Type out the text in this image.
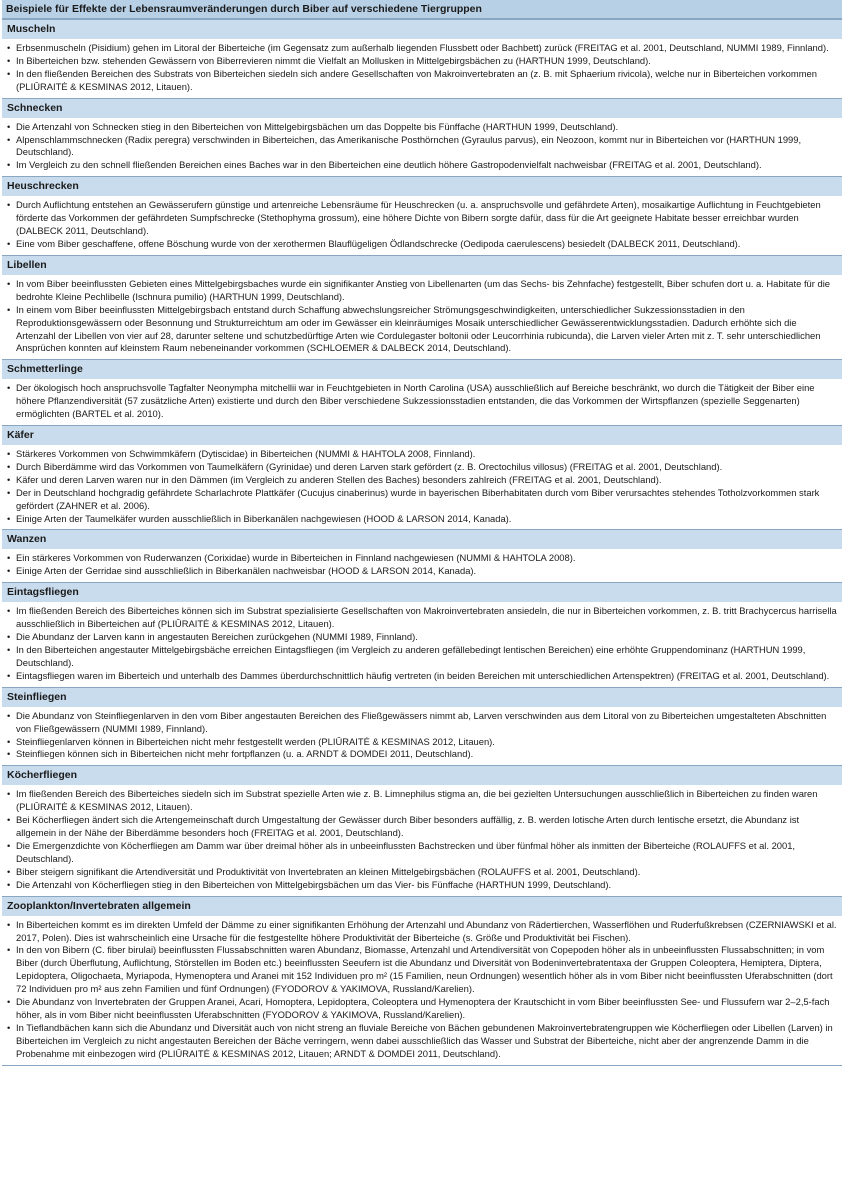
Beispiele für Effekte der Lebensraumveränderungen durch Biber auf verschiedene Tiergruppen
Muscheln
• Erbsenmuscheln (Pisidium) gehen im Litoral der Biberteiche (im Gegensatz zum außerhalb liegenden Flussbett oder Bachbett) zurück (FREITAG et al. 2001, Deutschland, NUMMI 1989, Finnland).
• In Biberteichen bzw. stehenden Gewässern von Biberrevieren nimmt die Vielfalt an Mollusken in Mittelgebirgsbächen zu (HARTHUN 1999, Deutschland).
• In den fließenden Bereichen des Substrats von Biberteichen siedeln sich andere Gesellschaften von Makroinvertebraten an (z. B. mit Sphaerium rivicola), welche nur in Biberteichen vorkommen (PLIŪRAITĖ & KESMINAS 2012, Litauen).
Schnecken
• Die Artenzahl von Schnecken stieg in den Biberteichen von Mittelgebirgsbächen um das Doppelte bis Fünffache (HARTHUN 1999, Deutschland).
• Alpenschlammschnecken (Radix peregra) verschwinden in Biberteichen, das Amerikanische Posthörnchen (Gyraulus parvus), ein Neozoon, kommt nur in Biberteichen vor (HARTHUN 1999, Deutschland).
• Im Vergleich zu den schnell fließenden Bereichen eines Baches war in den Biberteichen eine deutlich höhere Gastropodenvielfalt nachweisbar (FREITAG et al. 2001, Deutschland).
Heuschrecken
• Durch Auflichtung entstehen an Gewässerufern günstige und artenreiche Lebensräume für Heuschrecken (u. a. anspruchsvolle und gefährdete Arten), mosaikartige Auflichtung in Feuchtgebieten förderte das Vorkommen der gefährdeten Sumpfschrecke (Stethophyma grossum), eine höhere Dichte von Bibern sorgte dafür, dass für die Art geeignete Habitate besser erreichbar wurden (DALBECK 2011, Deutschland).
• Eine vom Biber geschaffene, offene Böschung wurde von der xerothermen Blauflügeligen Ödlandschrecke (Oedipoda caerulescens) besiedelt (DALBECK 2011, Deutschland).
Libellen
• In vom Biber beeinflussten Gebieten eines Mittelgebirgsbaches wurde ein signifikanter Anstieg von Libellenarten (um das Sechs- bis Zehnfache) festgestellt, Biber schufen dort u. a. Habitate für die bedrohte Kleine Pechlibelle (Ischnura pumilio) (HARTHUN 1999, Deutschland).
• In einem vom Biber beeinflussten Mittelgebirgsbach entstand durch Schaffung abwechslungsreicher Strömungsgeschwindigkeiten, unterschiedlicher Sukzessionsstadien in den Reproduktionsgewässern oder Besonnung und Strukturreichtum am oder im Gewässer ein kleinräumiges Mosaik unterschiedlicher Gewässerentwicklungsstadien. Dadurch erhöhte sich die Artenzahl der Libellen von vier auf 28, darunter seltene und schutzbedürftige Arten wie Cordulegaster boltonii oder Leucorrhinia rubicunda), die Larven vieler Arten mit z. T. sehr unterschiedlichen Ansprüchen konnten auf kleinstem Raum nebeneinander vorkommen (SCHLOEMER & DALBECK 2014, Deutschland).
Schmetterlinge
• Der ökologisch hoch anspruchsvolle Tagfalter Neonympha mitchellii war in Feuchtgebieten in North Carolina (USA) ausschließlich auf Bereiche beschränkt, wo durch die Tätigkeit der Biber eine höhere Pflanzendiversität (57 zusätzliche Arten) existierte und durch den Biber verschiedene Sukzessionsstadien entstanden, die das Vorkommen der Wirtspflanzen (spezielle Seggenarten) ermöglichten (BARTEL et al. 2010).
Käfer
• Stärkeres Vorkommen von Schwimmkäfern (Dytiscidae) in Biberteichen (NUMMI & HAHTOLA 2008, Finnland).
• Durch Biberdämme wird das Vorkommen von Taumelkäfern (Gyrinidae) und deren Larven stark gefördert (z. B. Orectochilus villosus) (FREITAG et al. 2001, Deutschland).
• Käfer und deren Larven waren nur in den Dämmen (im Vergleich zu anderen Stellen des Baches) besonders zahlreich (FREITAG et al. 2001, Deutschland).
• Der in Deutschland hochgradig gefährdete Scharlachrote Plattkäfer (Cucujus cinaberinus) wurde in bayerischen Biberhabitaten durch vom Biber verursachtes stehendes Totholzvorkommen stark gefördert (ZAHNER et al. 2006).
• Einige Arten der Taumelkäfer wurden ausschließlich in Biberkanälen nachgewiesen (HOOD & LARSON 2014, Kanada).
Wanzen
• Ein stärkeres Vorkommen von Ruderwanzen (Corixidae) wurde in Biberteichen in Finnland nachgewiesen (NUMMI & HAHTOLA 2008).
• Einige Arten der Gerridae sind ausschließlich in Biberkanälen nachweisbar (HOOD & LARSON 2014, Kanada).
Eintagsfliegen
• Im fließenden Bereich des Biberteiches können sich im Substrat spezialisierte Gesellschaften von Makroinvertebraten ansiedeln, die nur in Biberteichen vorkommen, z. B. tritt Brachycercus harrisella ausschließlich in Biberteichen auf (PLIŪRAITĖ & KESMINAS 2012, Litauen).
• Die Abundanz der Larven kann in angestauten Bereichen zurückgehen (NUMMI 1989, Finnland).
• In den Biberteichen angestauter Mittelgebirgsbäche erreichen Eintagsfliegen (im Vergleich zu anderen gefällebedingt lentischen Bereichen) eine erhöhte Gruppendominanz (HARTHUN 1999, Deutschland).
• Eintagsfliegen waren im Biberteich und unterhalb des Dammes überdurchschnittlich häufig vertreten (in beiden Bereichen mit unterschiedlichen Artenspektren) (FREITAG et al. 2001, Deutschland).
Steinfliegen
• Die Abundanz von Steinfliegenlarven in den vom Biber angestauten Bereichen des Fließgewässers nimmt ab, Larven verschwinden aus dem Litoral von zu Biberteichen umgestalteten Abschnitten von Fließgewässern (NUMMI 1989, Finnland).
• Steinfliegenlarven können in Biberteichen nicht mehr festgestellt werden (PLIŪRAITĖ & KESMINAS 2012, Litauen).
• Steinfliegen können sich in Biberteichen nicht mehr fortpflanzen (u. a. ARNDT & DOMDEI 2011, Deutschland).
Köcherfliegen
• Im fließenden Bereich des Biberteiches siedeln sich im Substrat spezielle Arten wie z. B. Limnephilus stigma an, die bei gezielten Untersuchungen ausschließlich in Biberteichen zu finden waren (PLIŪRAITĖ & KESMINAS 2012, Litauen).
• Bei Köcherfliegen ändert sich die Artengemeinschaft durch Umgestaltung der Gewässer durch Biber besonders auffällig, z. B. werden lotische Arten durch lentische ersetzt, die Abundanz ist allgemein in der Nähe der Biberdämme besonders hoch (FREITAG et al. 2001, Deutschland).
• Die Emergenzdichte von Köcherfliegen am Damm war über dreimal höher als in unbeeinflussten Bachstrecken und über fünfmal höher als inmitten der Biberteiche (ROLAUFFS et al. 2001, Deutschland).
• Biber steigern signifikant die Artendiversität und Produktivität von Invertebraten an kleinen Mittelgebirgsbächen (ROLAUFFS et al. 2001, Deutschland).
• Die Artenzahl von Köcherfliegen stieg in den Biberteichen von Mittelgebirgsbächen um das Vier- bis Fünffache (HARTHUN 1999, Deutschland).
Zooplankton/Invertebraten allgemein
• In Biberteichen kommt es im direkten Umfeld der Dämme zu einer signifikanten Erhöhung der Artenzahl und Abundanz von Rädertierchen, Wasserflöhen und Ruderfußkrebsen (CZERNIAWSKI et al. 2017, Polen). Dies ist wahrscheinlich eine Ursache für die festgestellte höhere Produktivität der Biberteiche (s. Größe und Produktivität bei Fischen).
• In den von Bibern (C. fiber birulai) beeinflussten Flussabschnitten waren Abundanz, Biomasse, Artenzahl und Artendiversität von Copepoden höher als in unbeeinflussten Flussabschnitten; in vom Biber (durch Überflutung, Auflichtung, Störstellen im Boden etc.) beeinflussten Seeufern ist die Abundanz und Diversität von Bodeninvertebratentaxa der Gruppen Coleoptera, Hemiptera, Diptera, Lepidoptera, Oligochaeta, Myriapoda, Hymenoptera und Aranei mit 152 Individuen pro m² (15 Familien, neun Ordnungen) wesentlich höher als in vom Biber nicht beeinflussten Uferabschnitten (dort 72 Individuen pro m² aus zehn Familien und fünf Ordnungen) (FYODOROV & YAKIMOVA, Russland/Karelien).
• Die Abundanz von Invertebraten der Gruppen Aranei, Acari, Homoptera, Lepidoptera, Coleoptera und Hymenoptera der Krautschicht in vom Biber beeinflussten See- und Flussufern war 2–2,5-fach höher, als in vom Biber nicht beeinflussten Uferabschnitten (FYODOROV & YAKIMOVA, Russland/Karelien).
• In Tieflandbächen kann sich die Abundanz und Diversität auch von nicht streng an fluviale Bereiche von Bächen gebundenen Makroinvertebratengruppen wie Köcherfliegen oder Libellen (Larven) in Biberteichen im Vergleich zu nicht angestauten Bereichen der Bäche verringern, wenn dabei ausschließlich das Wasser und Substrat der Biberteiche, nicht aber der angrenzende Damm in die Probenahme mit einbezogen wird (PLIŪRAITĖ & KESMINAS 2012, Litauen; ARNDT & DOMDEI 2011, Deutschland).
